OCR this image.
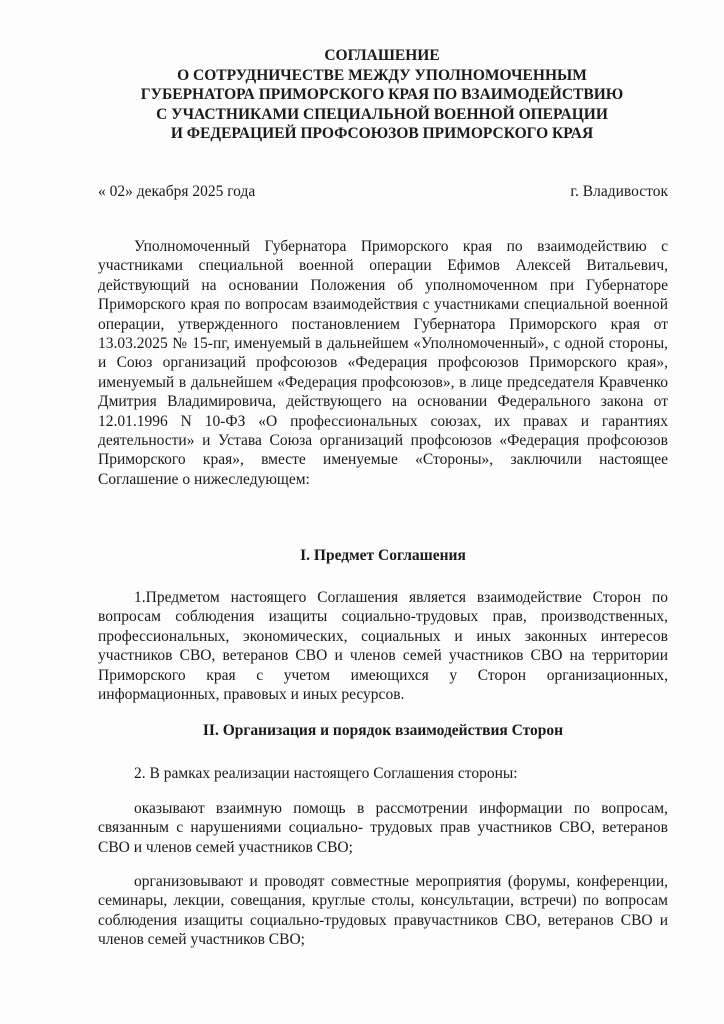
СОГЛАШЕНИЕ
О СОТРУДНИЧЕСТВЕ МЕЖДУ УПОЛНОМОЧЕННЫМ
ГУБЕРНАТОРА ПРИМОРСКОГО КРАЯ ПО ВЗАИМОДЕЙСТВИЮ
С УЧАСТНИКАМИ СПЕЦИАЛЬНОЙ ВОЕННОЙ ОПЕРАЦИИ
И ФЕДЕРАЦИЕЙ ПРОФСОЮЗОВ ПРИМОРСКОГО КРАЯ
« 02» декабря 2025 года	г. Владивосток
Уполномоченный Губернатора Приморского края по взаимодействию с участниками специальной военной операции Ефимов Алексей Витальевич, действующий на основании Положения об уполномоченном при Губернаторе Приморского края по вопросам взаимодействия с участниками специальной военной операции, утвержденного постановлением Губернатора Приморского края от 13.03.2025 № 15-пг, именуемый в дальнейшем «Уполномоченный», с одной стороны, и Союз организаций профсоюзов «Федерация профсоюзов Приморского края», именуемый в дальнейшем «Федерация профсоюзов», в лице председателя Кравченко Дмитрия Владимировича, действующего на основании Федерального закона от 12.01.1996 N 10-ФЗ «О профессиональных союзах, их правах и гарантиях деятельности» и Устава Союза организаций профсоюзов «Федерация профсоюзов Приморского края», вместе именуемые «Стороны», заключили настоящее Соглашение о нижеследующем:
I. Предмет Соглашения
1.Предметом настоящего Соглашения является взаимодействие Сторон по вопросам соблюдения изащиты социально-трудовых прав, производственных, профессиональных, экономических, социальных и иных законных интересов участников СВО, ветеранов СВО и членов семей участников СВО на территории Приморского края с учетом имеющихся у Сторон организационных, информационных, правовых и иных ресурсов.
II. Организация и порядок взаимодействия Сторон
2. В рамках реализации настоящего Соглашения стороны:
оказывают взаимную помощь в рассмотрении информации по вопросам, связанным с нарушениями социально- трудовых прав участников СВО, ветеранов СВО и членов семей участников СВО;
организовывают и проводят совместные мероприятия (форумы, конференции, семинары, лекции, совещания, круглые столы, консультации, встречи) по вопросам соблюдения изащиты социально-трудовых правучастников СВО, ветеранов СВО и членов семей участников СВО;
